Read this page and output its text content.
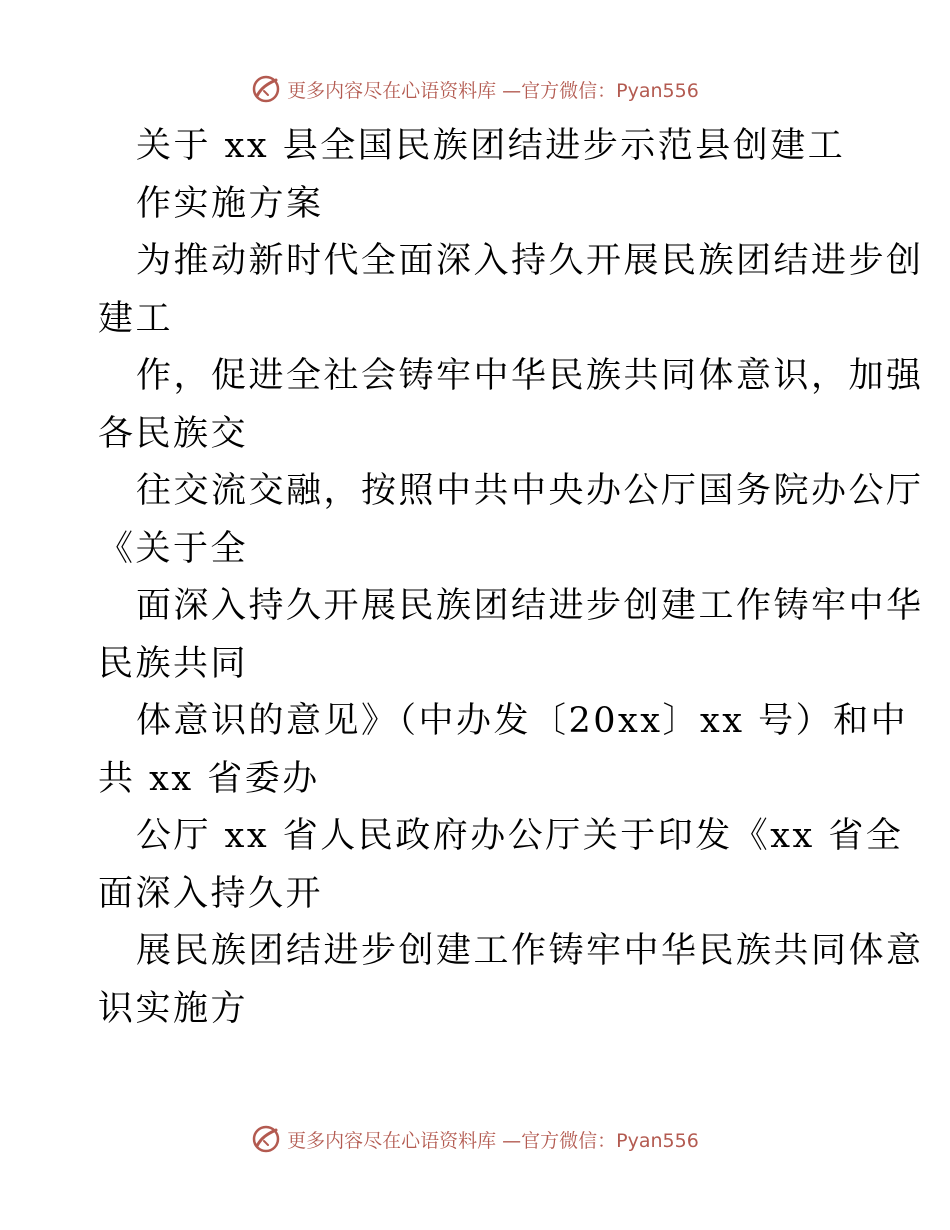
更多内容尽在心语资料库 —官方微信：Pyan556
关于 xx 县全国民族团结进步示范县创建工
作实施方案
为推动新时代全面深入持久开展民族团结进步创
建工
作，促进全社会铸牢中华民族共同体意识，加强
各民族交
往交流交融，按照中共中央办公厅国务院办公厅
《关于全
面深入持久开展民族团结进步创建工作铸牢中华
民族共同
体意识的意见》（中办发〔20xx〕xx 号）和中
共 xx 省委办
公厅 xx 省人民政府办公厅关于印发《xx 省全
面深入持久开
展民族团结进步创建工作铸牢中华民族共同体意
识实施方
更多内容尽在心语资料库 —官方微信：Pyan556
